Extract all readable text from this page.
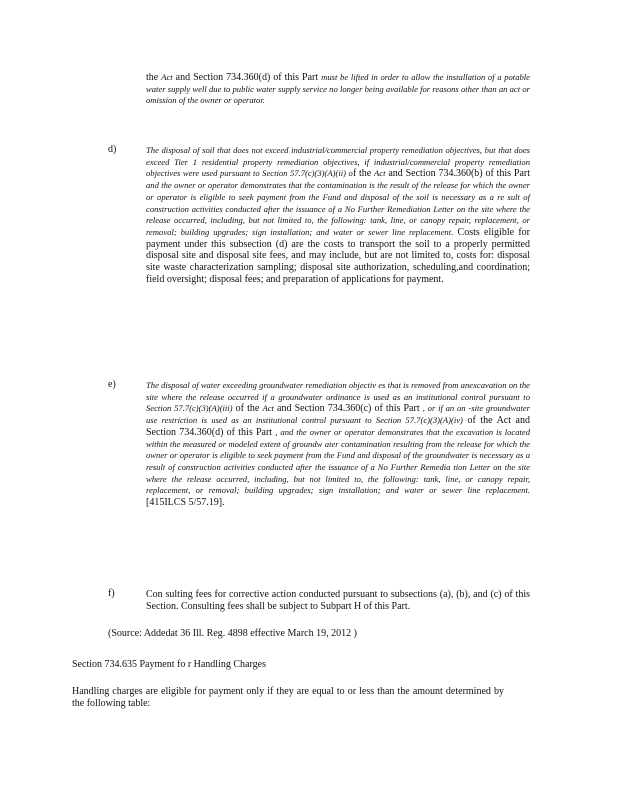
the Act and Section 734.360(d) of this Part must be lifted in order to allow the installation of a potable water supply well due to public water supply service no longer being available for reasons other than an act or omission of the owner or operator.
d)	The disposal of soil that does not exceed industrial/commercial property remediation objectives, but that does exceed Tier 1 residential property remediation objectives, if industrial/commercial property remediation objectives were used pursuant to Section 57.7(c)(3)(A)(ii) of the Act and Section 734.360(b) of this Part and the owner or operator demonstrates that the contamination is the result of the release for which the owner or operator is eligible to seek payment from the Fund and disposal of the soil is necessary as a re sult of construction activities conducted after the issuance of a No Further Remediation Letter on the site where the release occurred, including, but not limited to, the following: tank, line, or canopy repair, replacement, or removal; building upgrades; sign installation; and water or sewer line replacement. Costs eligible for payment under this subsection (d) are the costs to transport the soil to a properly permitted disposal site and disposal site fees, and may include, but are not limited to, costs for: disposal site waste characterization sampling; disposal site authorization, scheduling,and coordination; field oversight; disposal fees; and preparation of applications for payment.
e)	The disposal of water exceeding groundwater remediation objectiv es that is removed from anexcavation on the site where the release occurred if a groundwater ordinance is used as an institutional control pursuant to Section 57.7(c)(3)(A)(iii) of the Act and Section 734.360(c) of this Part , or if an on -site groundwater use restriction is used as an institutional control pursuant to Section 57.7(c)(3)(A)(iv) of the Act and Section 734.360(d) of this Part , and the owner or operator demonstrates that the excavation is located within the measured or modeled extent of groundw ater contamination resulting from the release for which the owner or operator is eligible to seek payment from the Fund and disposal of the groundwater is necessary as a result of construction activities conducted after the issuance of a No Further Remedia tion Letter on the site where the release occurred, including, but not limited to, the following: tank, line, or canopy repair, replacement, or removal; building upgrades; sign installation; and water or sewer line replacement. [415ILCS 5/57.19].
f)	Con sulting fees for corrective action conducted pursuant to subsections (a), (b), and (c) of this Section. Consulting fees shall be subject to Subpart H of this Part.

(Source: Addedat 36 Ill. Reg. 4898 effective March 19, 2012 )

Section 734.635 Payment fo r Handling Charges

Handling charges are eligible for payment only if they are equal to or less than the amount determined by the following table:
